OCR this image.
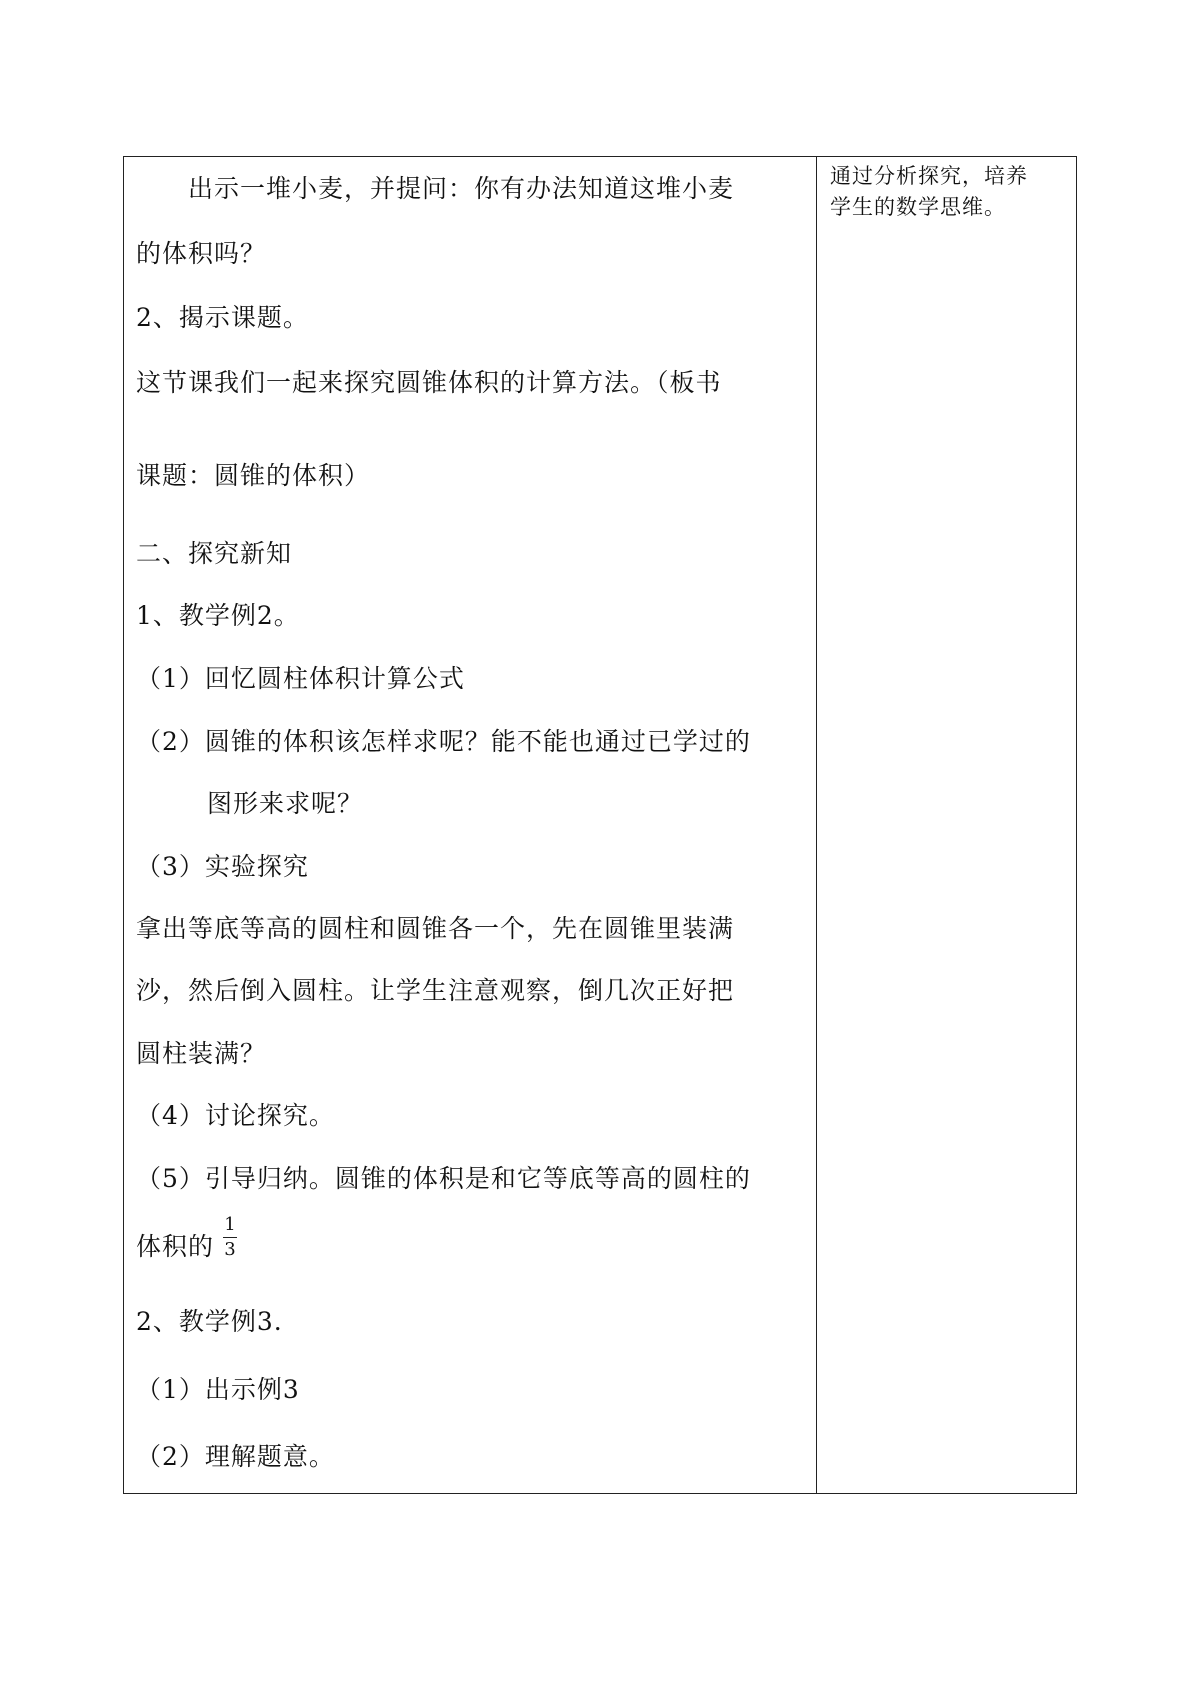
出示一堆小麦，并提问：你有办法知道这堆小麦
的体积吗？
2、揭示课题。
这节课我们一起来探究圆锥体积的计算方法。（板书
课题：圆锥的体积）
二、探究新知
1、教学例2。
（1）回忆圆柱体积计算公式
（2）圆锥的体积该怎样求呢？能不能也通过已学过的
图形来求呢？
（3）实验探究
拿出等底等高的圆柱和圆锥各一个，先在圆锥里装满
沙，然后倒入圆柱。让学生注意观察，倒几次正好把
圆柱装满？
（4）讨论探究。
（5）引导归纳。圆锥的体积是和它等底等高的圆柱的
体积的
1
3
2、教学例3.
（1）出示例3
（2）理解题意。
通过分析探究，培养
学生的数学思维。
